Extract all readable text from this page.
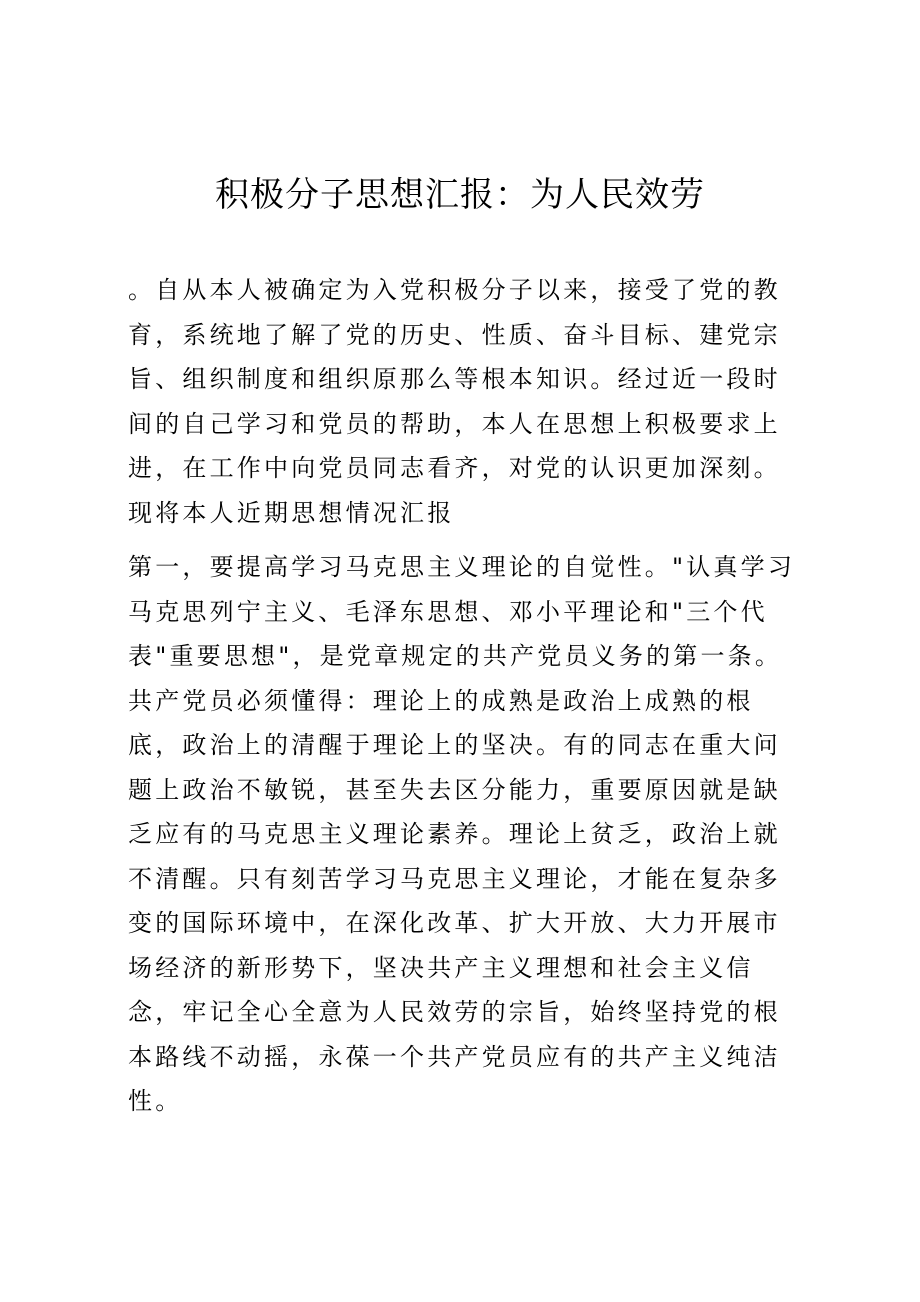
积极分子思想汇报：为人民效劳

。自从本人被确定为入党积极分子以来，接受了党的教育，系统地了解了党的历史、性质、奋斗目标、建党宗旨、组织制度和组织原那么等根本知识。经过近一段时间的自己学习和党员的帮助，本人在思想上积极要求上进，在工作中向党员同志看齐，对党的认识更加深刻。现将本人近期思想情况汇报

第一，要提高学习马克思主义理论的自觉性。"认真学习马克思列宁主义、毛泽东思想、邓小平理论和"三个代表"重要思想"，是党章规定的共产党员义务的第一条。共产党员必须懂得：理论上的成熟是政治上成熟的根底，政治上的清醒于理论上的坚决。有的同志在重大问题上政治不敏锐，甚至失去区分能力，重要原因就是缺乏应有的马克思主义理论素养。理论上贫乏，政治上就不清醒。只有刻苦学习马克思主义理论，才能在复杂多变的国际环境中，在深化改革、扩大开放、大力开展市场经济的新形势下，坚决共产主义理想和社会主义信念，牢记全心全意为人民效劳的宗旨，始终坚持党的根本路线不动摇，永葆一个共产党员应有的共产主义纯洁性。
